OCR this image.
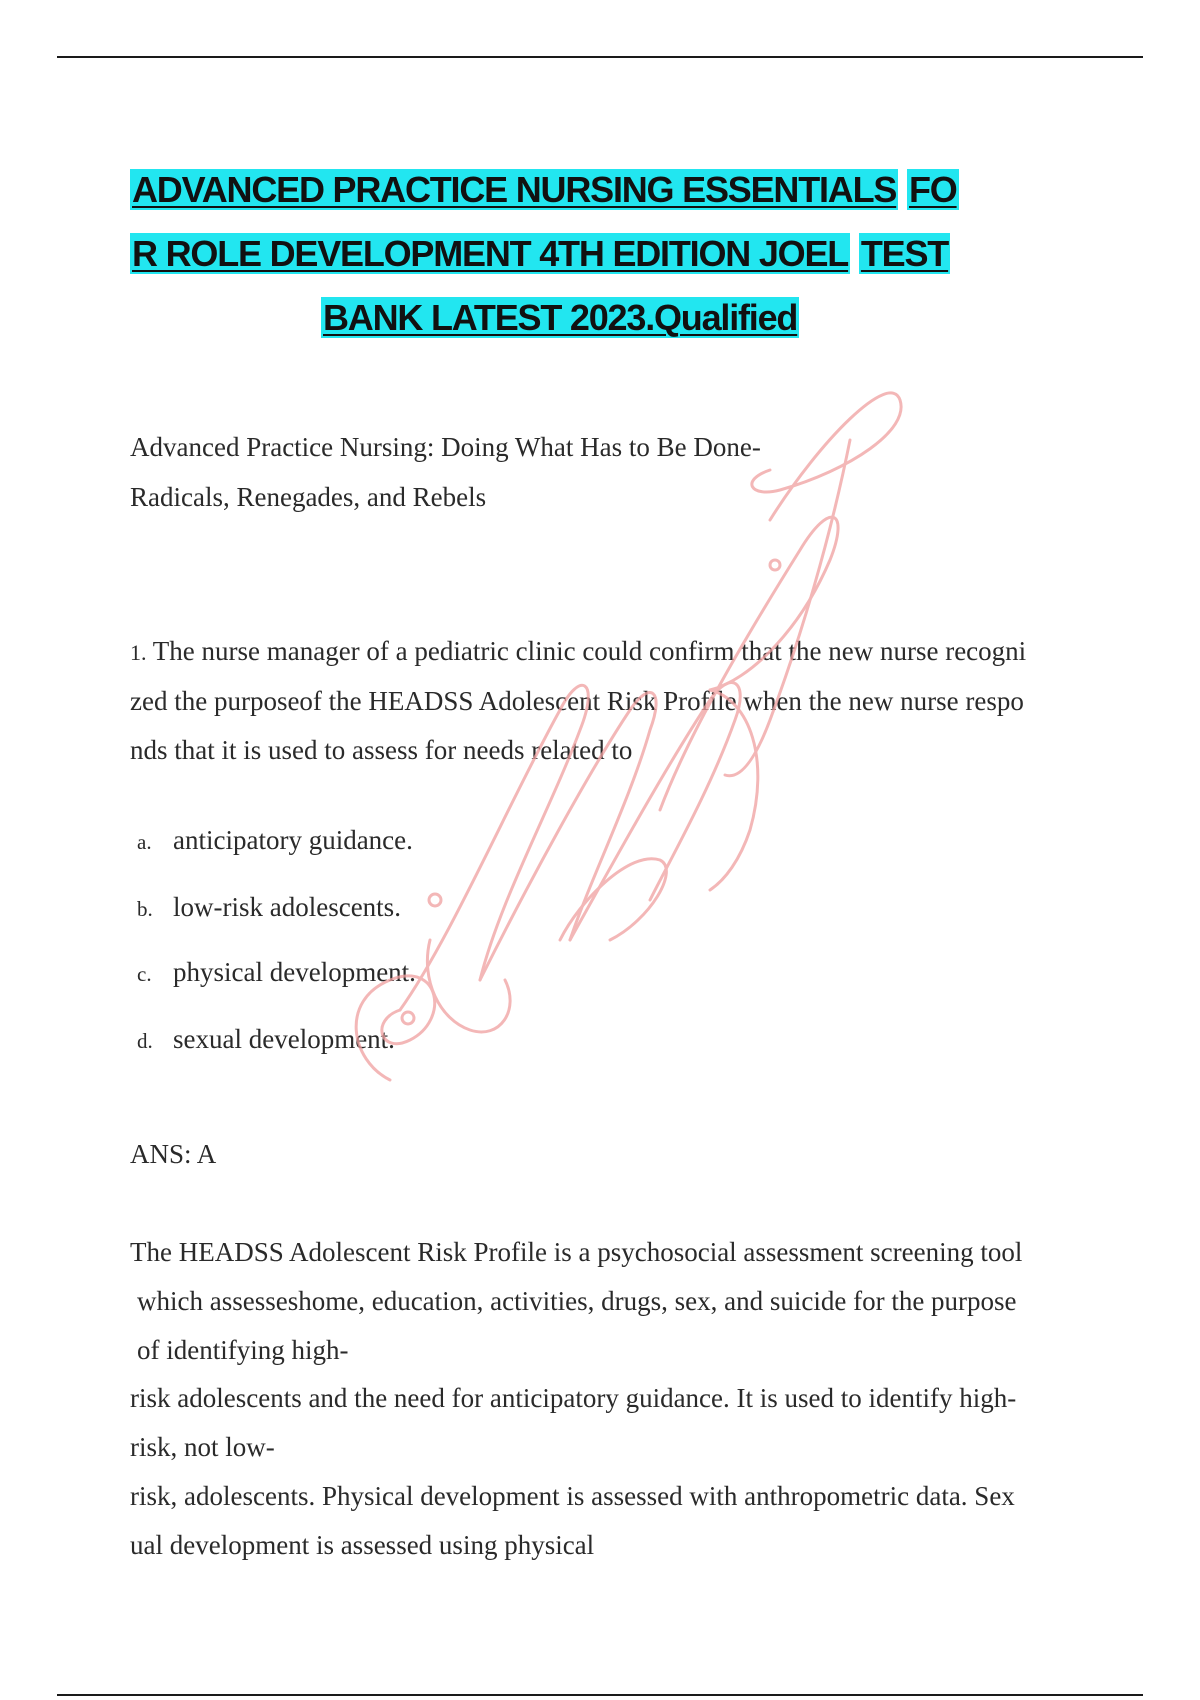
ADVANCED PRACTICE NURSING ESSENTIALS FO
R ROLE DEVELOPMENT 4TH EDITION JOEL TEST
BANK LATEST 2023.Qualified
Advanced Practice Nursing: Doing What Has to Be Done-
Radicals, Renegades, and Rebels
1. The nurse manager of a pediatric clinic could confirm that the new nurse recogni
zed the purposeof the HEADSS Adolescent Risk Profile when the new nurse respo
nds that it is used to assess for needs related to
a. anticipatory guidance.
b. low-risk adolescents.
c. physical development.
d. sexual development.
ANS: A
The HEADSS Adolescent Risk Profile is a psychosocial assessment screening tool
which assesseshome, education, activities, drugs, sex, and suicide for the purpose
of identifying high-
risk adolescents and the need for anticipatory guidance. It is used to identify high-
risk, not low-
risk, adolescents. Physical development is assessed with anthropometric data. Sex
ual development is assessed using physical
